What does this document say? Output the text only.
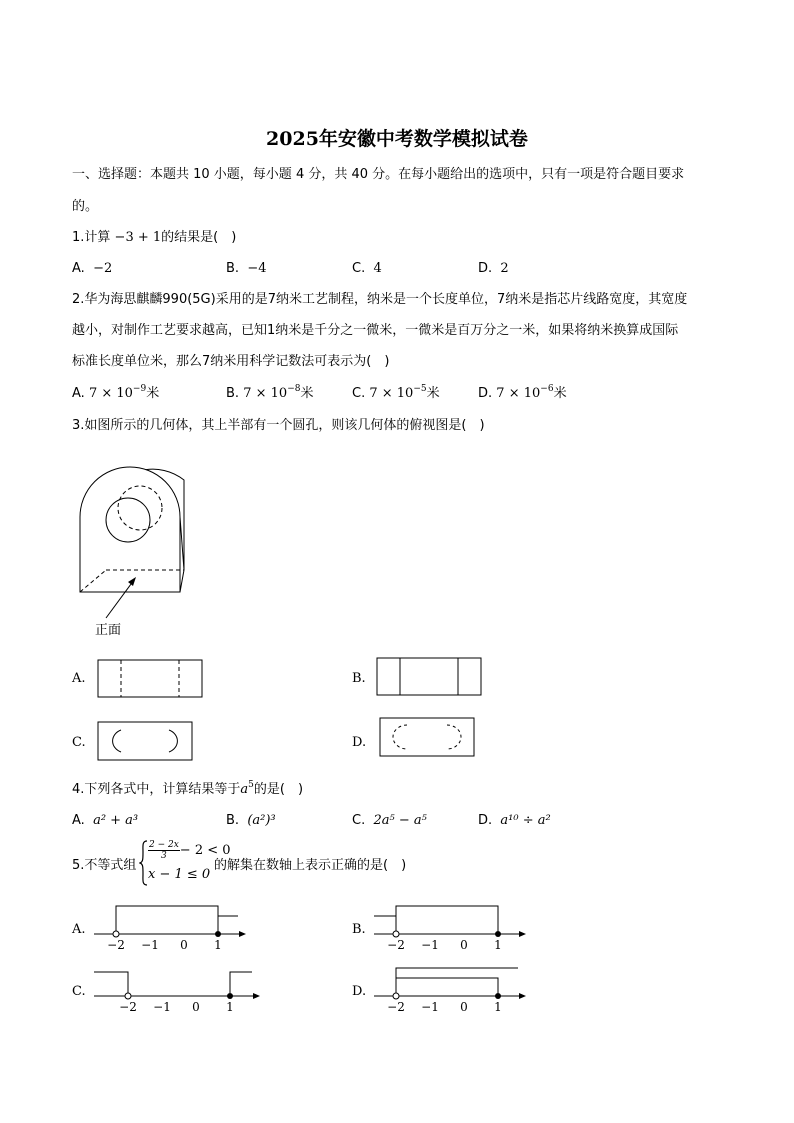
2025年安徽中考数学模拟试卷
一、选择题：本题共 10 小题，每小题 4 分，共 40 分。在每小题给出的选项中，只有一项是符合题目要求
的。
1.计算 −3 + 1的结果是(　)
A. −2	B. −4	C. 4	D. 2
2.华为海思麒麟990(5G)采用的是7纳米工艺制程，纳米是一个长度单位，7纳米是指芯片线路宽度，其宽度
越小，对制作工艺要求越高，已知1纳米是千分之一微米，一微米是百万分之一米，如果将纳米换算成国际
标准长度单位米，那么7纳米用科学记数法可表示为(　)
A. $7 \times 10^{-9}$米	B. $7 \times 10^{-8}$米	C. $7 \times 10^{-5}$米	D. $7 \times 10^{-6}$米
3.如图所示的几何体，其上半部有一个圆孔，则该几何体的俯视图是(　)
正面
A.	B.
C.	D.
4.下列各式中，计算结果等于$a^5$的是(　)
A. a² + a³	B. (a²)³	C. 2a⁵ − a⁵	D. a¹⁰ ÷ a²
5.不等式组
$\frac{2 - 2x}{3} - 2 < 0$
x − 1 ≤ 0
的解集在数轴上表示正确的是(　)
A.
−2 −1 0 1
B.
−2 −1 0 1
C.
−2 −1 0 1
D.
−2 −1 0 1
